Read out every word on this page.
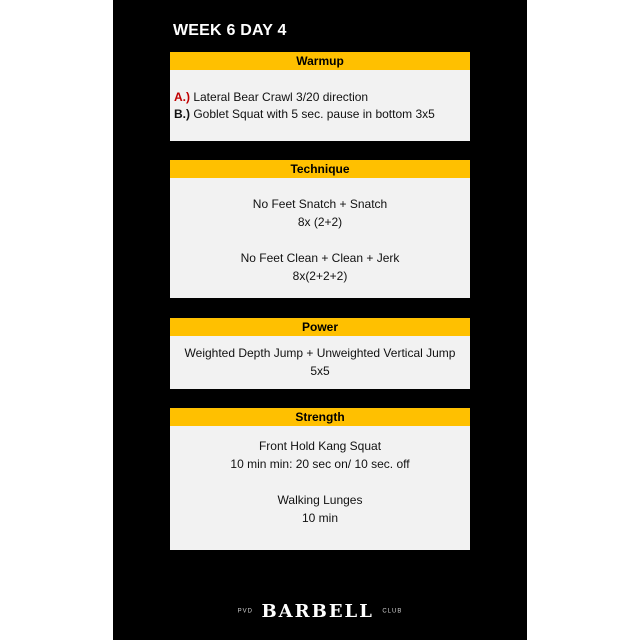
WEEK 6 DAY 4
Warmup
A.) Lateral Bear Crawl 3/20 direction
B.) Goblet Squat with 5 sec. pause in bottom 3x5
Technique
No Feet Snatch + Snatch
8x (2+2)
No Feet Clean + Clean + Jerk
8x(2+2+2)
Power
Weighted Depth Jump + Unweighted Vertical Jump
5x5
Strength
Front Hold Kang Squat
10 min min: 20 sec on/ 10 sec. off
Walking Lunges
10 min
PVD BARBELL CLUB
